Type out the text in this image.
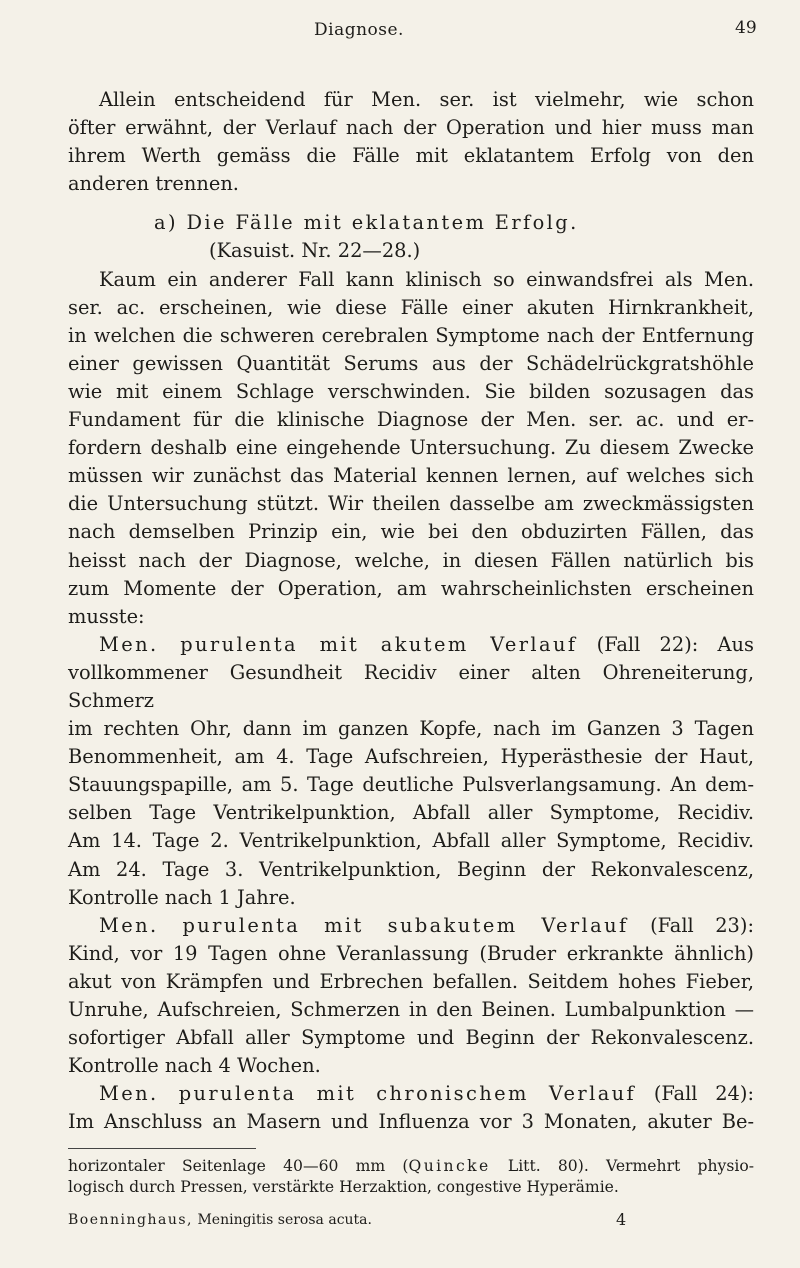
Diagnose.	49
Allein entscheidend für Men. ser. ist vielmehr, wie schon
öfter erwähnt, der Verlauf nach der Operation und hier muss man
ihrem Werth gemäss die Fälle mit eklatantem Erfolg von den
anderen trennen.
a) Die Fälle mit eklatantem Erfolg.
(Kasuist. Nr. 22—28.)
Kaum ein anderer Fall kann klinisch so einwandsfrei als Men.
ser. ac. erscheinen, wie diese Fälle einer akuten Hirnkrankheit,
in welchen die schweren cerebralen Symptome nach der Entfernung
einer gewissen Quantität Serums aus der Schädelrückgratshöhle
wie mit einem Schlage verschwinden. Sie bilden sozusagen das
Fundament für die klinische Diagnose der Men. ser. ac. und er-
fordern deshalb eine eingehende Untersuchung. Zu diesem Zwecke
müssen wir zunächst das Material kennen lernen, auf welches sich
die Untersuchung stützt. Wir theilen dasselbe am zweckmässigsten
nach demselben Prinzip ein, wie bei den obduzirten Fällen, das
heisst nach der Diagnose, welche, in diesen Fällen natürlich bis
zum Momente der Operation, am wahrscheinlichsten erscheinen
musste:
Men. purulenta mit akutem Verlauf (Fall 22): Aus
vollkommener Gesundheit Recidiv einer alten Ohreneiterung, Schmerz
im rechten Ohr, dann im ganzen Kopfe, nach im Ganzen 3 Tagen
Benommenheit, am 4. Tage Aufschreien, Hyperästhesie der Haut,
Stauungspapille, am 5. Tage deutliche Pulsverlangsamung. An dem-
selben Tage Ventrikelpunktion, Abfall aller Symptome, Recidiv.
Am 14. Tage 2. Ventrikelpunktion, Abfall aller Symptome, Recidiv.
Am 24. Tage 3. Ventrikelpunktion, Beginn der Rekonvalescenz,
Kontrolle nach 1 Jahre.
Men. purulenta mit subakutem Verlauf (Fall 23):
Kind, vor 19 Tagen ohne Veranlassung (Bruder erkrankte ähnlich)
akut von Krämpfen und Erbrechen befallen. Seitdem hohes Fieber,
Unruhe, Aufschreien, Schmerzen in den Beinen. Lumbalpunktion —
sofortiger Abfall aller Symptome und Beginn der Rekonvalescenz.
Kontrolle nach 4 Wochen.
Men. purulenta mit chronischem Verlauf (Fall 24):
Im Anschluss an Masern und Influenza vor 3 Monaten, akuter Be-
horizontaler Seitenlage 40—60 mm (Quincke Litt. 80). Vermehrt physio-
logisch durch Pressen, verstärkte Herzaktion, congestive Hyperämie.
Boenninghaus, Meningitis serosa acuta.	4
